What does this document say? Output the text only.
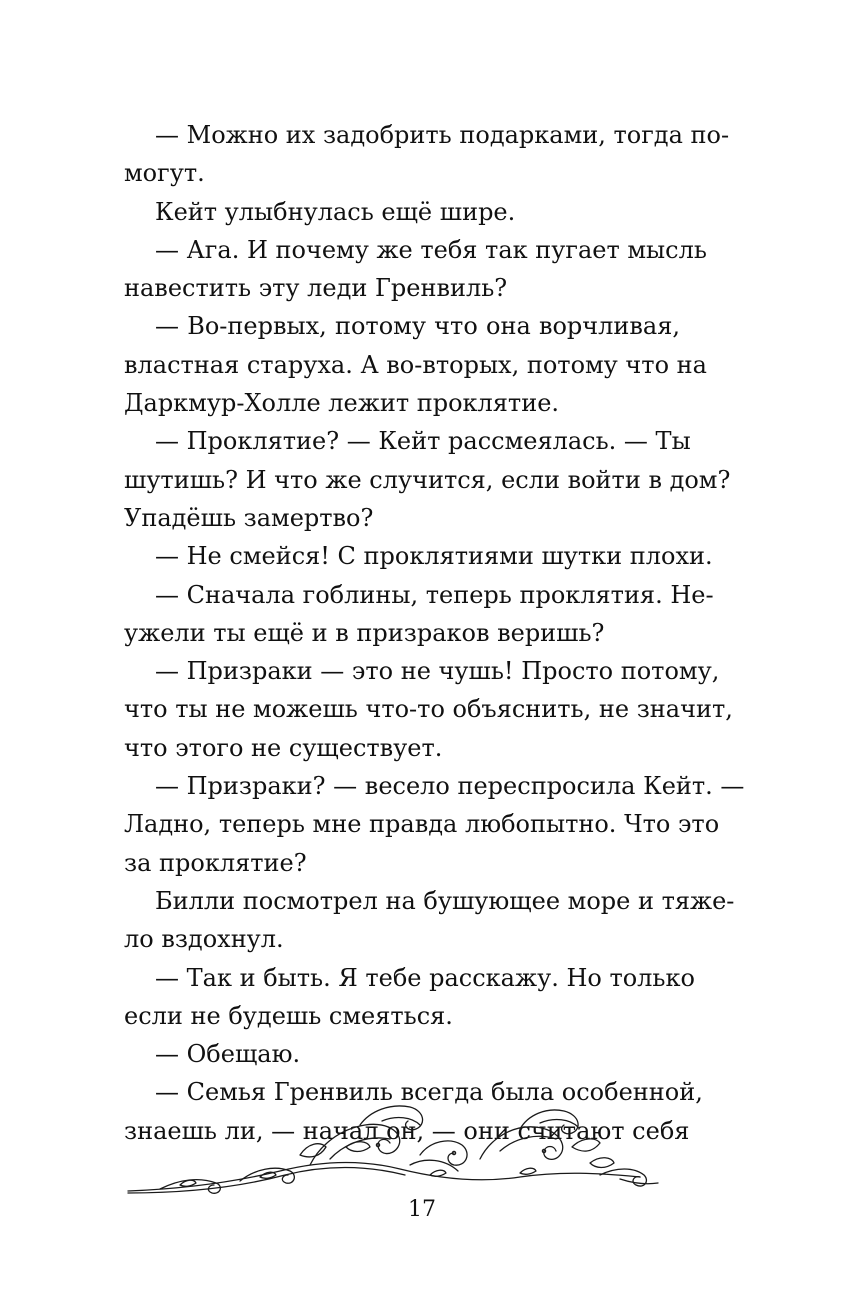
— Можно их задобрить подарками, тогда по-
могут.
Кейт улыбнулась ещё шире.
— Ага. И почему же тебя так пугает мысль
навестить эту леди Гренвиль?
— Во-первых, потому что она ворчливая,
властная старуха. А во-вторых, потому что на
Даркмур-Холле лежит проклятие.
— Проклятие? — Кейт рассмеялась. — Ты
шутишь? И что же случится, если войти в дом?
Упадёшь замертво?
— Не смейся! С проклятиями шутки плохи.
— Сначала гоблины, теперь проклятия. Не-
ужели ты ещё и в призраков веришь?
— Призраки — это не чушь! Просто потому,
что ты не можешь что-то объяснить, не значит,
что этого не существует.
— Призраки? — весело переспросила Кейт. —
Ладно, теперь мне правда любопытно. Что это
за проклятие?
Билли посмотрел на бушующее море и тяже-
ло вздохнул.
— Так и быть. Я тебе расскажу. Но только
если не будешь смеяться.
— Обещаю.
— Семья Гренвиль всегда была особенной,
знаешь ли, — начал он, — они считают себя
17
